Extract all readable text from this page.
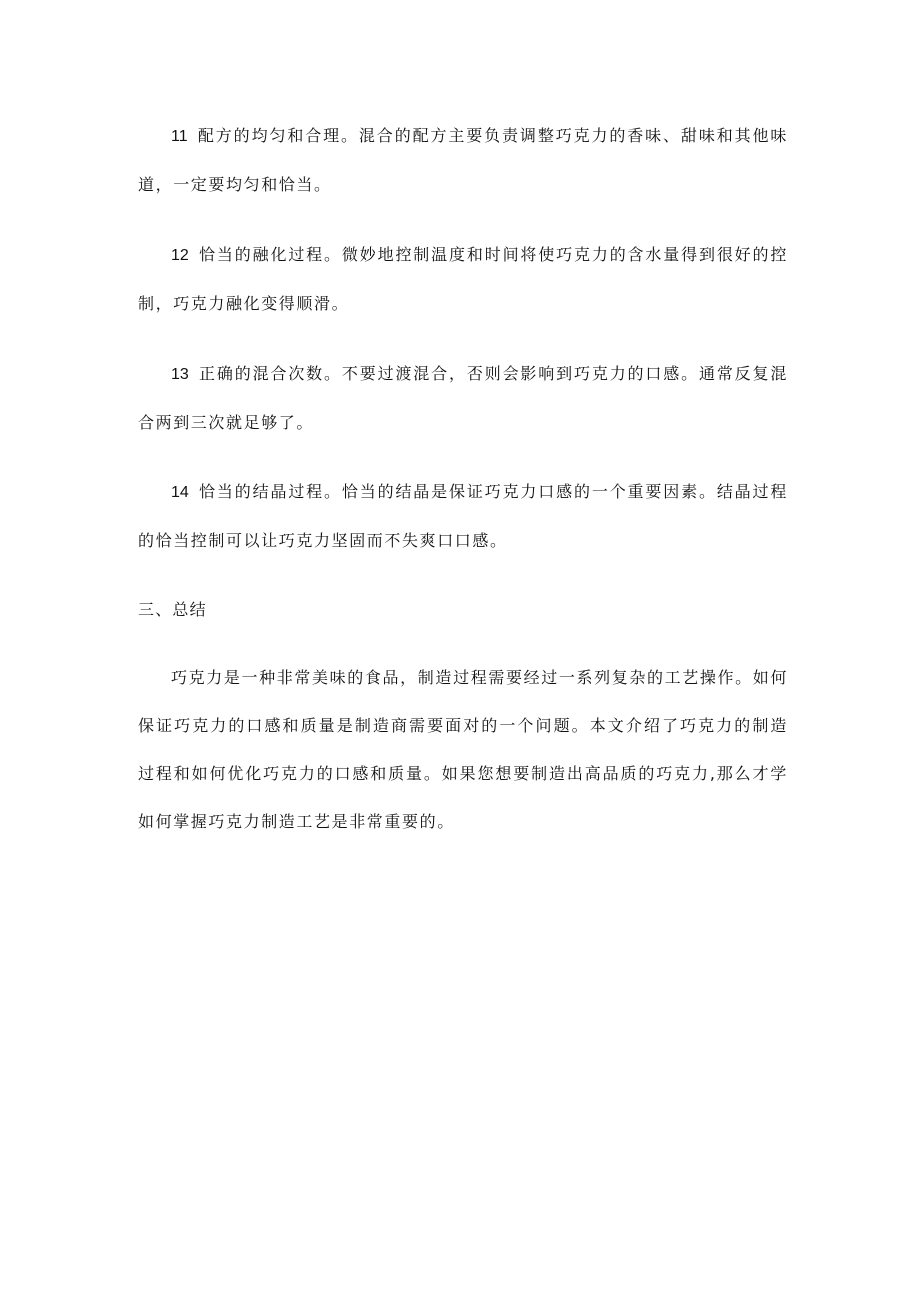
11 配方的均匀和合理。混合的配方主要负责调整巧克力的香味、甜味和其他味道，一定要均匀和恰当。

12 恰当的融化过程。微妙地控制温度和时间将使巧克力的含水量得到很好的控制，巧克力融化变得顺滑。

13 正确的混合次数。不要过渡混合，否则会影响到巧克力的口感。通常反复混合两到三次就足够了。

14 恰当的结晶过程。恰当的结晶是保证巧克力口感的一个重要因素。结晶过程的恰当控制可以让巧克力坚固而不失爽口口感。

三、总结

巧克力是一种非常美味的食品，制造过程需要经过一系列复杂的工艺操作。如何保证巧克力的口感和质量是制造商需要面对的一个问题。本文介绍了巧克力的制造过程和如何优化巧克力的口感和质量。如果您想要制造出高品质的巧克力,那么才学如何掌握巧克力制造工艺是非常重要的。
